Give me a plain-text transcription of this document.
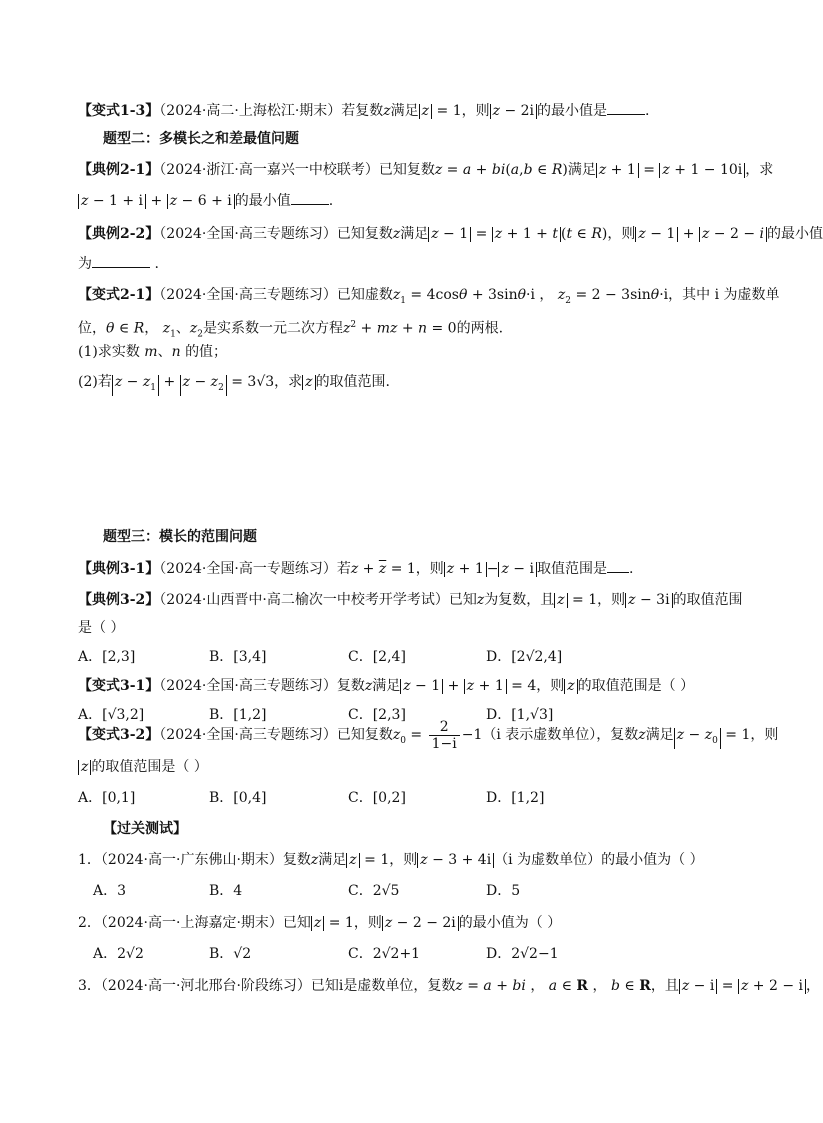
【变式1-3】（2024·高二·上海松江·期末）若复数z满足 z = 1，则 z − 2i 的最小值是	.
题型二：多模长之和差最值问题
【典例2-1】（2024·浙江·高一嘉兴一中校联考）已知复数z = a + bi(a,b ∈ R)满足 z + 1 = z + 1 − 10i ，求
z − 1 + i + z − 6 + i 的最小值	.
【典例2-2】（2024·全国·高三专题练习）已知复数z满足 z − 1 = z + 1 + t (t ∈ R)，则 z − 1 + z − 2 − i 的最小值
为	.
【变式2-1】（2024·全国·高三专题练习）已知虚数$z_1 = 4\cos\theta + 3\sin\theta\cdot i$ ， $z_2 = 2 - 3\sin\theta\cdot i$，其中 i 为虚数单
位，θ ∈ R， $z_1$、$z_2$是实系数一元二次方程$z^2$ + mz + n = 0的两根.
(1)求实数 m、n 的值；
(2)若 $z - z_1 + z - z_2 = 3√3$，求 z 的取值范围.
题型三：模长的范围问题
【典例3-1】（2024·全国·高一专题练习）若$z + \overline{z} = 1$，则 z + 1 − z − i 取值范围是 .
【典例3-2】（2024·山西晋中·高二榆次一中校考开学考试）已知z为复数，且 z = 1，则 z − 3i 的取值范围
是（ ）
A．[2,3]	B．[3,4]	C．[2,4]	D．[2√2,4]
【变式3-1】（2024·全国·高三专题练习）复数z满足 z − 1 + z + 1 = 4，则 z 的取值范围是（ ）
A．[√3,2]	B．[1,2]	C．[2,3]	D．[1,√3]
【变式3-2】（2024·全国·高三专题练习）已知复数$z_0 = \frac{2}{1-i} -1(i$ 表示虚数单位），复数z满足 $z - z_0 = 1$，则
z 的取值范围是（ ）
A．[0,1]	B．[0,4]	C．[0,2]	D．[1,2]
【过关测试】
1．（2024·高一·广东佛山·期末）复数z满足 z = 1，则 z − 3 + 4i （i 为虚数单位）的最小值为（ ）
A．3	B．4	C．2√5	D．5
2．（2024·高一·上海嘉定·期末）已知 z = 1，则 z − 2 − 2i 的最小值为（ ）
A．2√2	B．√2	C．2√2+1	D．2√2−1
3．（2024·高一·河北邢台·阶段练习）已知i是虚数单位，复数z = a + bi ， a ∈ R ， b ∈ R，且 z − i = z + 2 − i ，
